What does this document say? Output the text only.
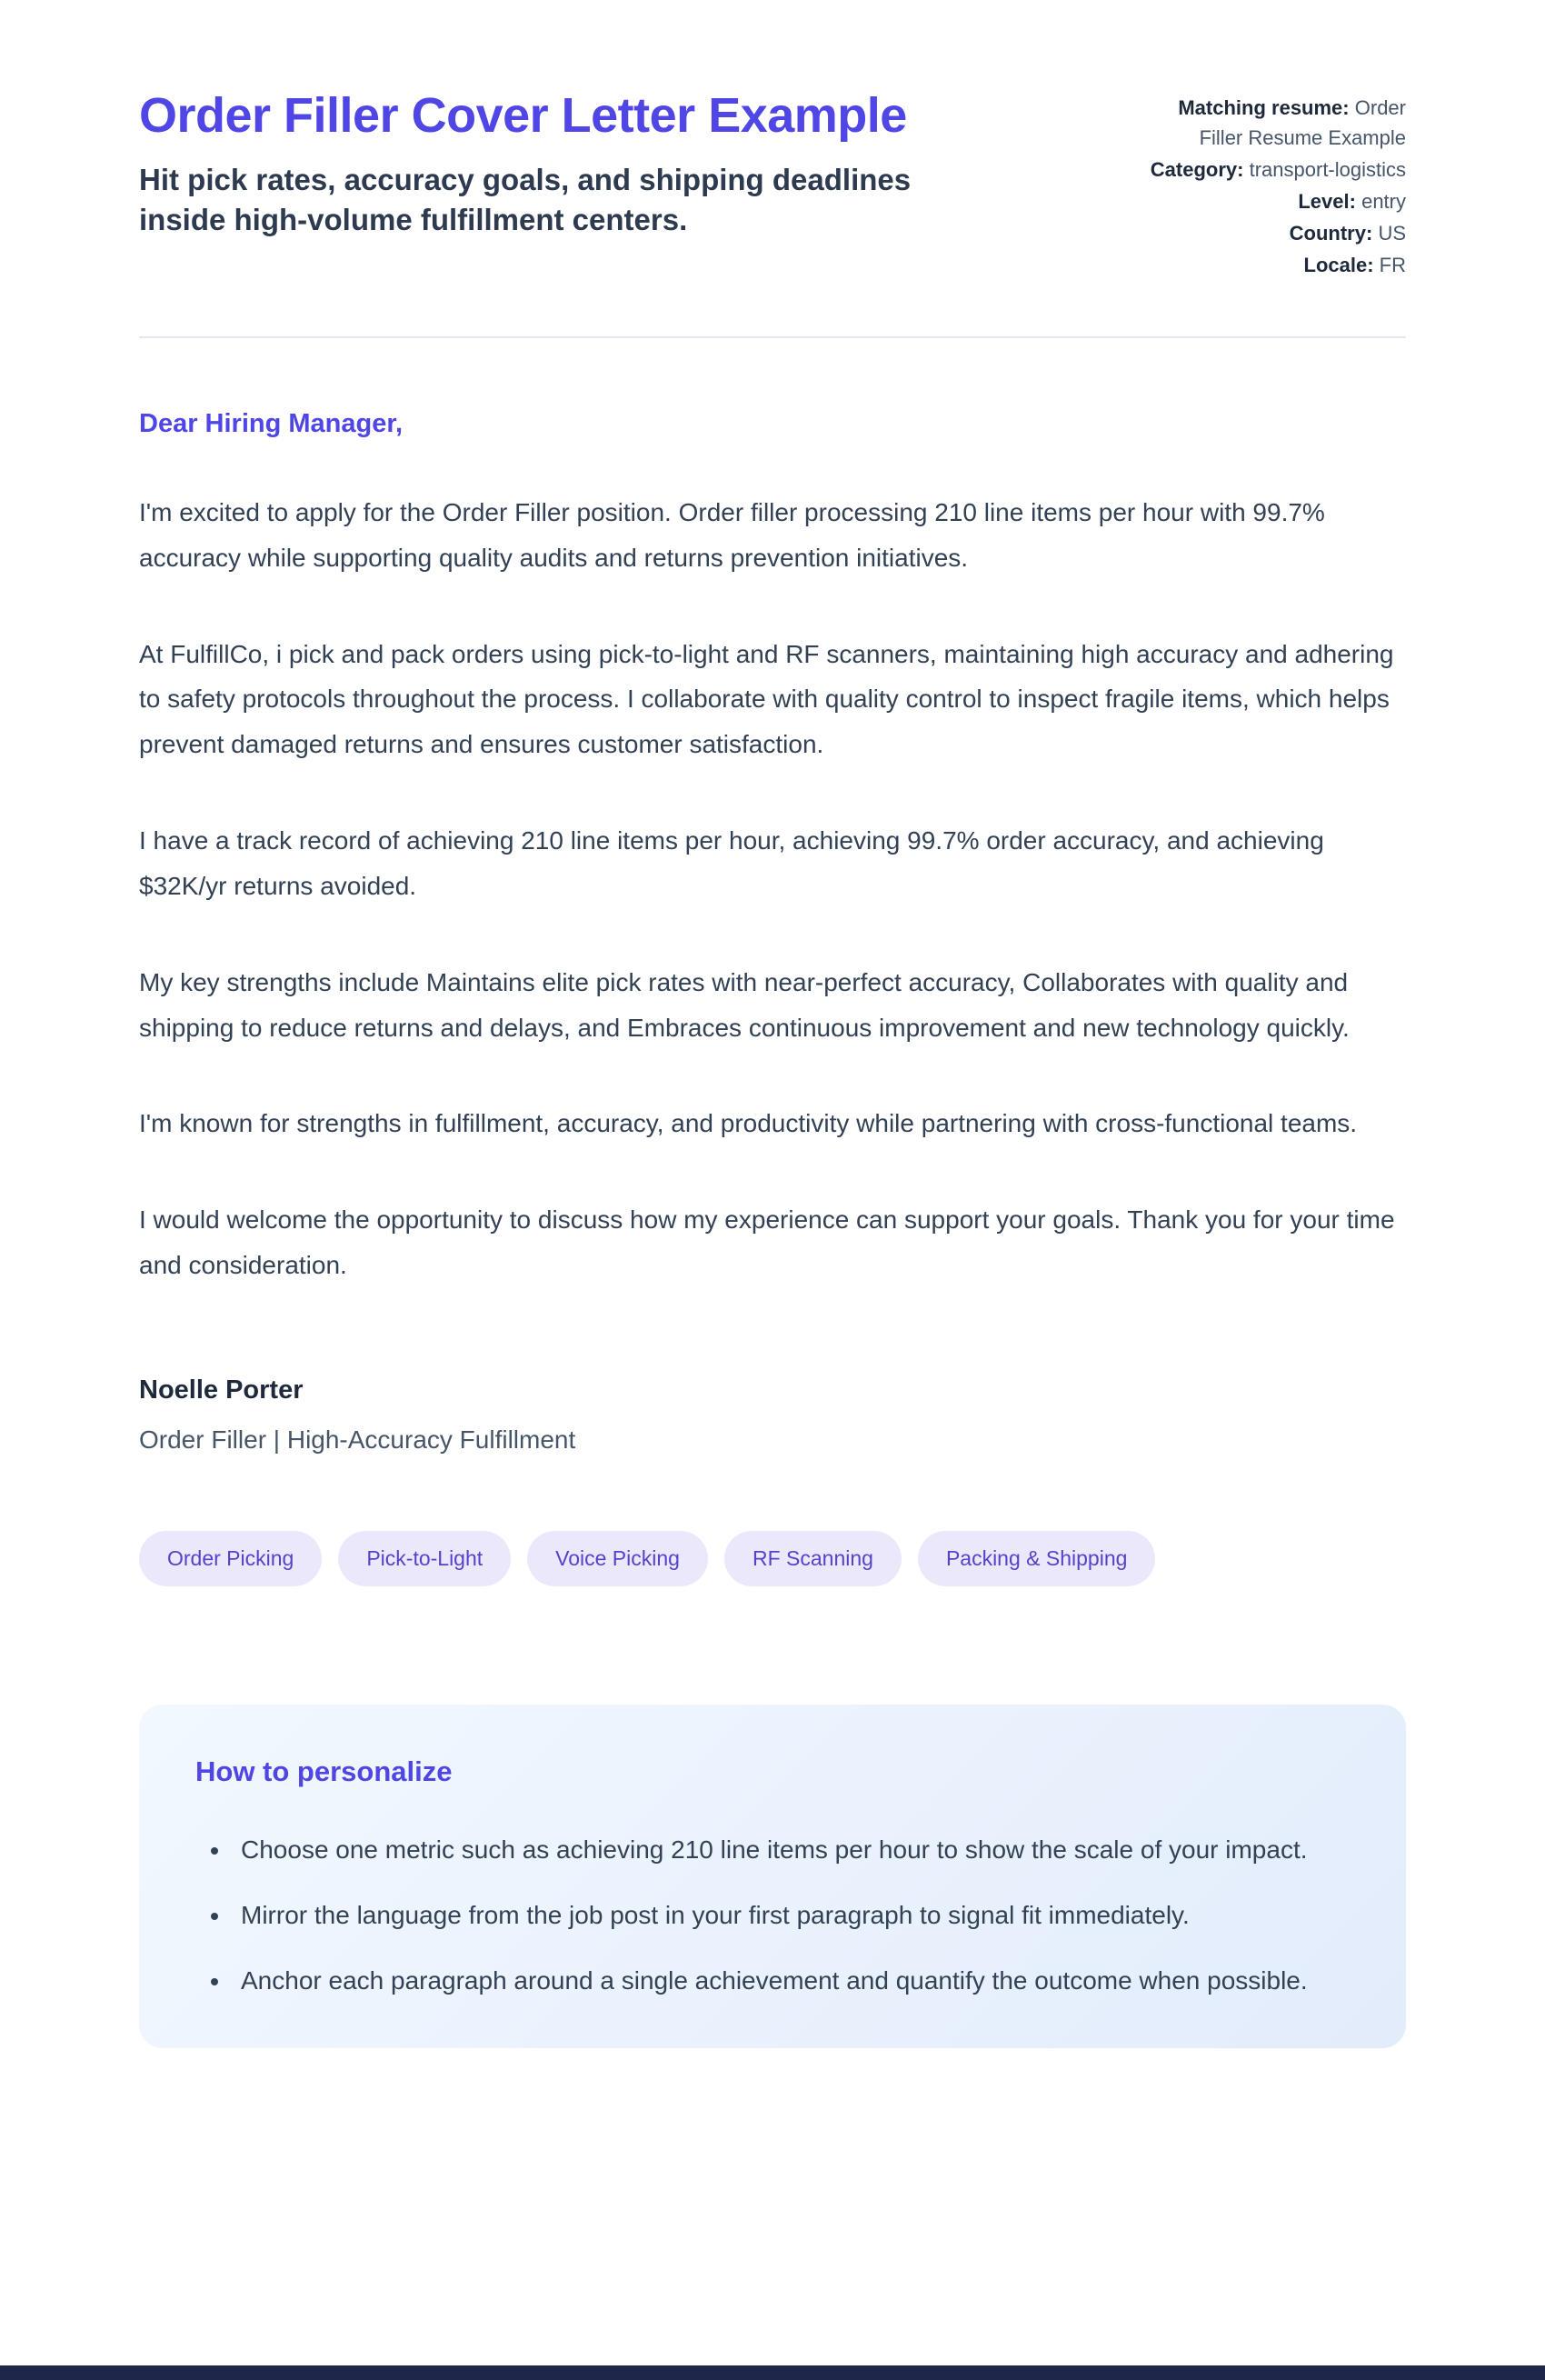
Order Filler Cover Letter Example
Hit pick rates, accuracy goals, and shipping deadlines inside high-volume fulfillment centers.
Matching resume: Order Filler Resume Example
Category: transport-logistics
Level: entry
Country: US
Locale: FR

Dear Hiring Manager,

I'm excited to apply for the Order Filler position. Order filler processing 210 line items per hour with 99.7% accuracy while supporting quality audits and returns prevention initiatives.

At FulfillCo, i pick and pack orders using pick-to-light and RF scanners, maintaining high accuracy and adhering to safety protocols throughout the process. I collaborate with quality control to inspect fragile items, which helps prevent damaged returns and ensures customer satisfaction.

I have a track record of achieving 210 line items per hour, achieving 99.7% order accuracy, and achieving $32K/yr returns avoided.

My key strengths include Maintains elite pick rates with near-perfect accuracy, Collaborates with quality and shipping to reduce returns and delays, and Embraces continuous improvement and new technology quickly.

I'm known for strengths in fulfillment, accuracy, and productivity while partnering with cross-functional teams.

I would welcome the opportunity to discuss how my experience can support your goals. Thank you for your time and consideration.

Noelle Porter

Order Filler | High-Accuracy Fulfillment

Order Picking	Pick-to-Light	Voice Picking	RF Scanning	Packing & Shipping
How to personalize
• Choose one metric such as achieving 210 line items per hour to show the scale of your impact.
• Mirror the language from the job post in your first paragraph to signal fit immediately.
• Anchor each paragraph around a single achievement and quantify the outcome when possible.
